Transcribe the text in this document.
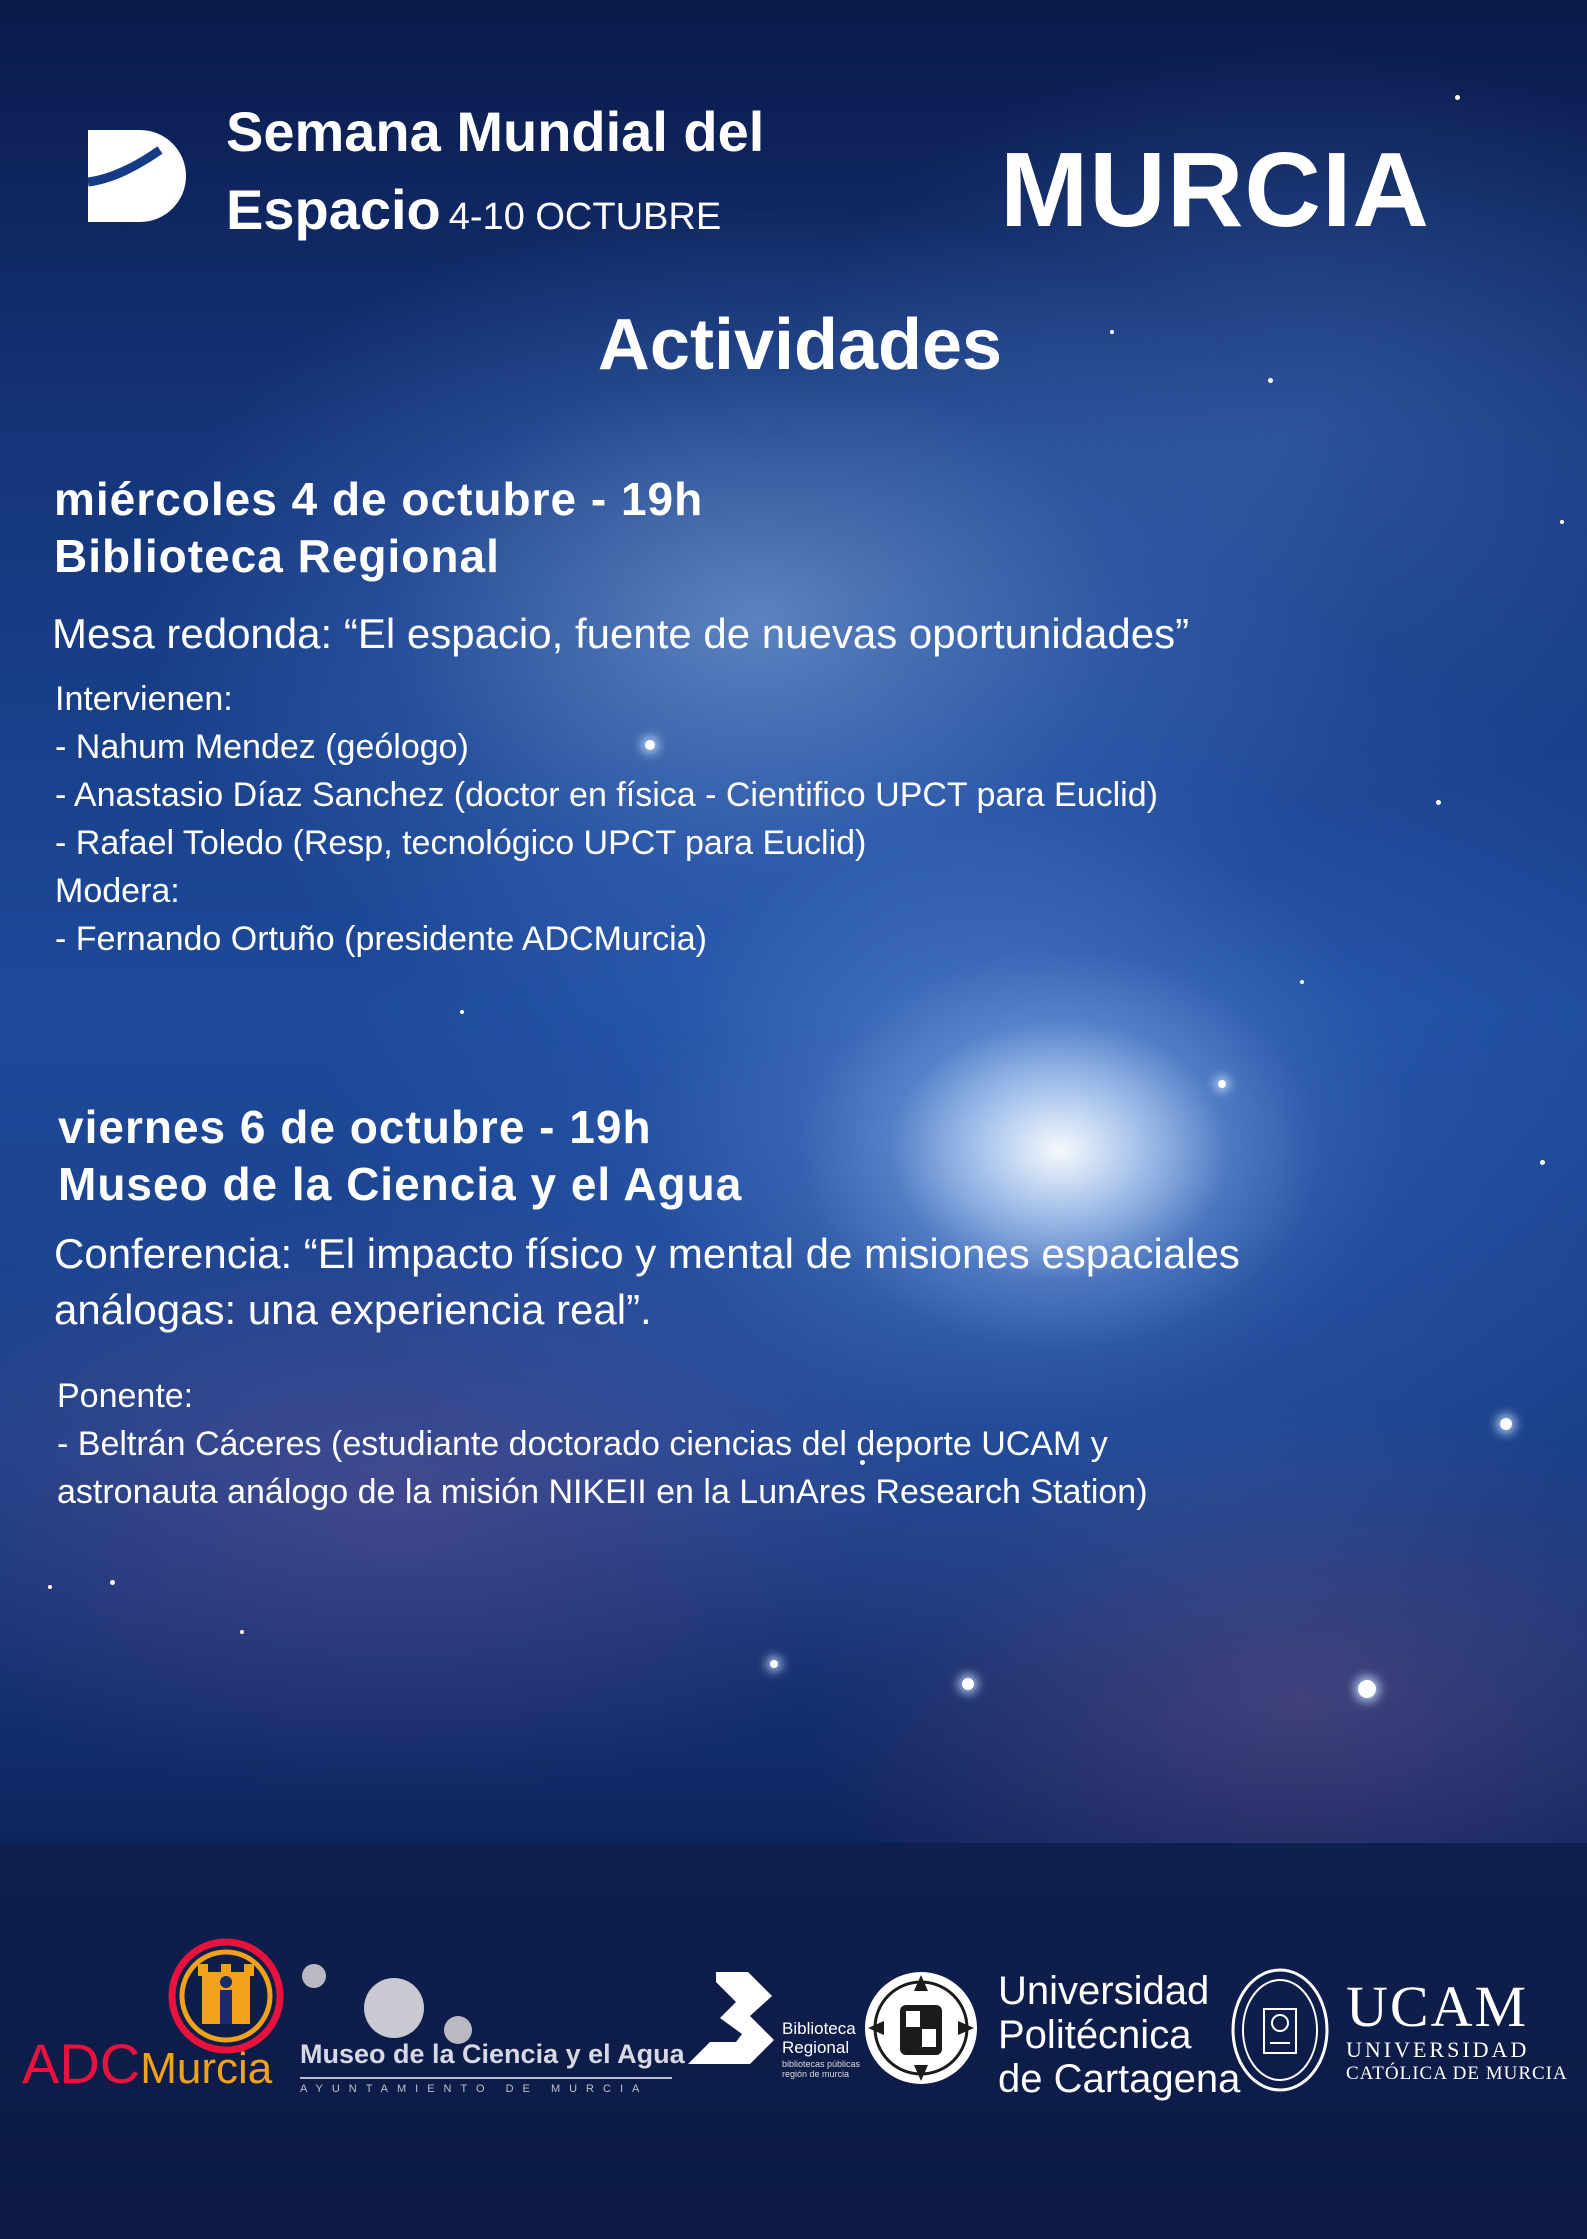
Semana Mundial del
Espacio 4-10 OCTUBRE	MURCIA
Actividades
miércoles 4 de octubre - 19h
Biblioteca Regional
Mesa redonda: “El espacio, fuente de nuevas oportunidades”
Intervienen:
- Nahum Mendez (geólogo)
- Anastasio Díaz Sanchez (doctor en física - Cientifico UPCT para Euclid)
- Rafael Toledo (Resp, tecnológico UPCT para Euclid)
Modera:
- Fernando Ortuño (presidente ADCMurcia)
viernes 6 de octubre - 19h
Museo de la Ciencia y el Agua
Conferencia: “El impacto físico y mental de misiones espaciales
análogas: una experiencia real”.
Ponente:
- Beltrán Cáceres (estudiante doctorado ciencias del deporte UCAM y
astronauta análogo de la misión NIKEII en la LunAres Research Station)
ADCMurcia Museo de la Ciencia y el Agua
AYUNTAMIENTO DE MURCIA
Biblioteca
Regional
bibliotecas públicas
región de murcia
Universidad
Politécnica
de Cartagena
UCAM
UNIVERSIDAD
CATÓLICA DE MURCIA
